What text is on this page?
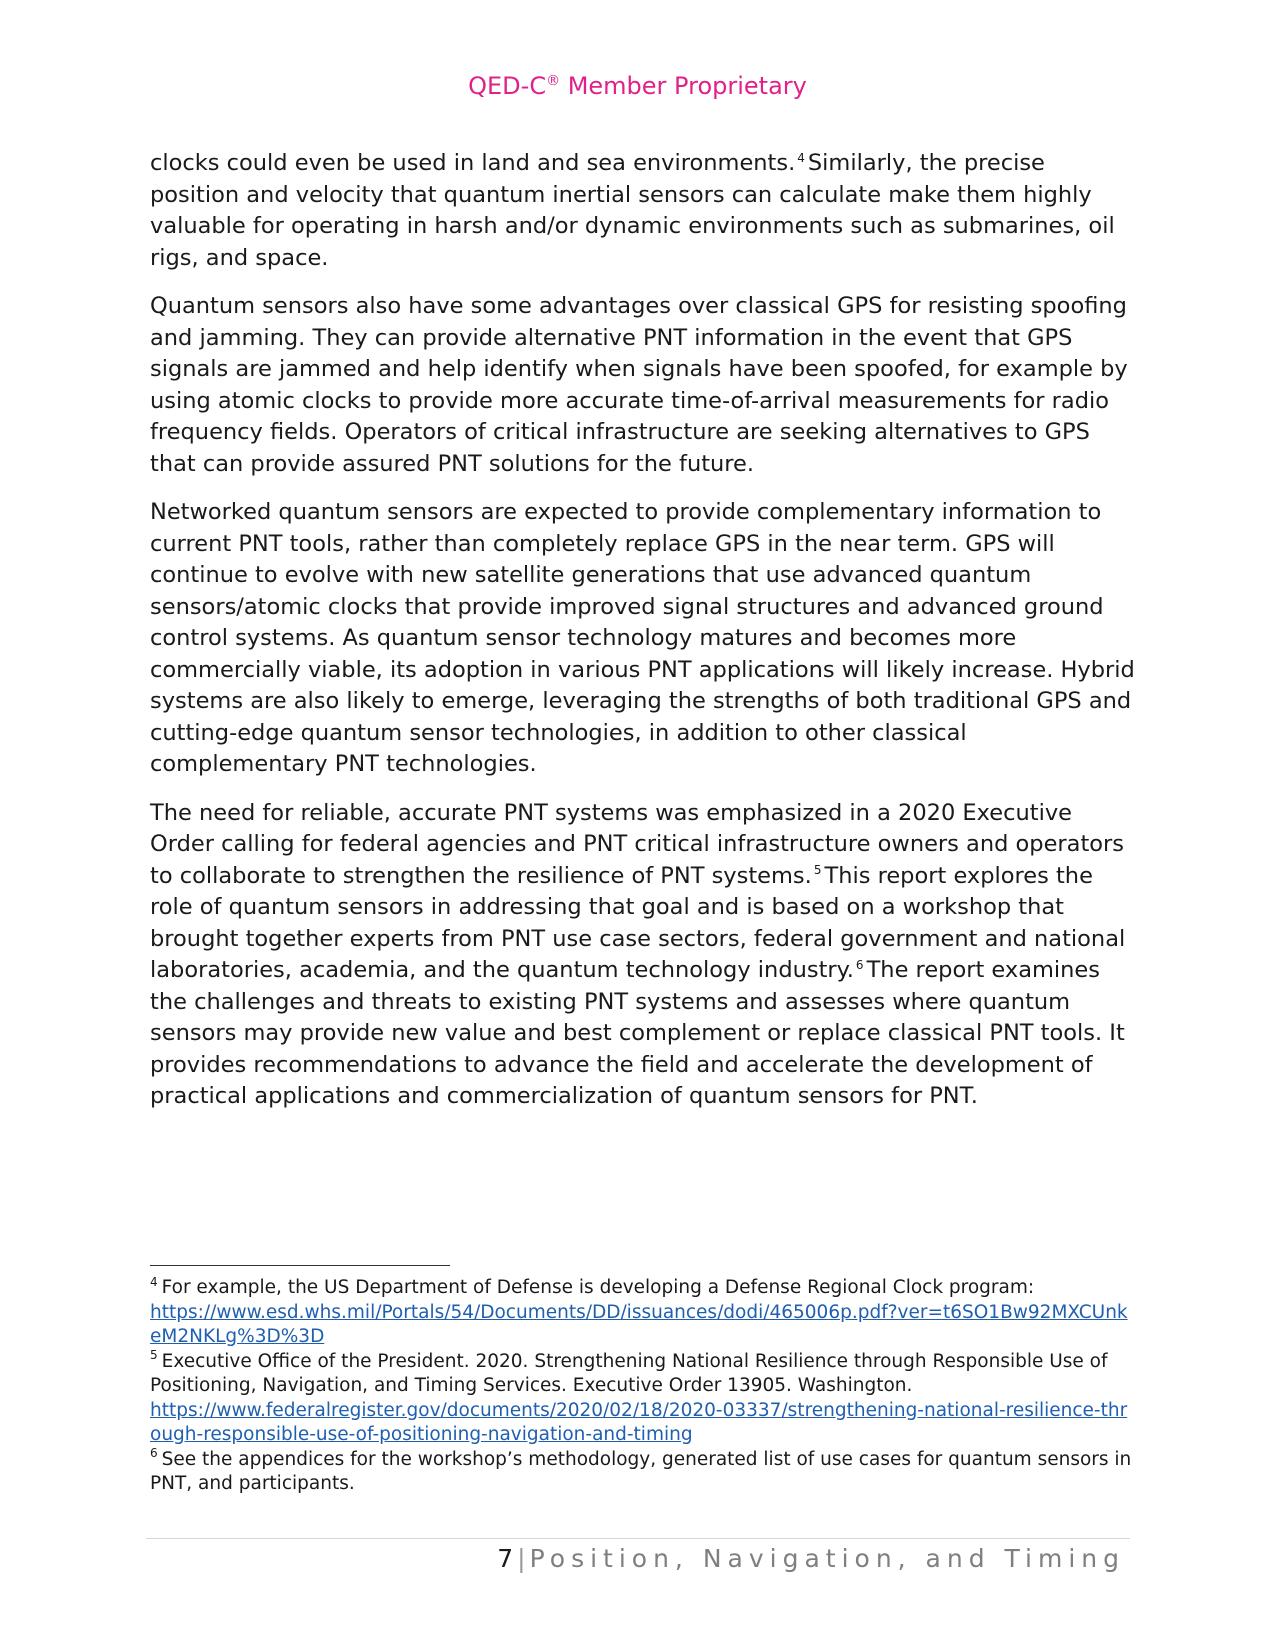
QED-C® Member Proprietary

clocks could even be used in land and sea environments. $^4$ Similarly, the precise position and velocity that quantum inertial sensors can calculate make them highly valuable for operating in harsh and/or dynamic environments such as submarines, oil rigs, and space.

Quantum sensors also have some advantages over classical GPS for resisting spoofing and jamming. They can provide alternative PNT information in the event that GPS signals are jammed and help identify when signals have been spoofed, for example by using atomic clocks to provide more accurate time-of-arrival measurements for radio frequency fields. Operators of critical infrastructure are seeking alternatives to GPS that can provide assured PNT solutions for the future.

Networked quantum sensors are expected to provide complementary information to current PNT tools, rather than completely replace GPS in the near term. GPS will continue to evolve with new satellite generations that use advanced quantum sensors/atomic clocks that provide improved signal structures and advanced ground control systems. As quantum sensor technology matures and becomes more commercially viable, its adoption in various PNT applications will likely increase. Hybrid systems are also likely to emerge, leveraging the strengths of both traditional GPS and cutting-edge quantum sensor technologies, in addition to other classical complementary PNT technologies.

The need for reliable, accurate PNT systems was emphasized in a 2020 Executive Order calling for federal agencies and PNT critical infrastructure owners and operators to collaborate to strengthen the resilience of PNT systems. $^5$ This report explores the role of quantum sensors in addressing that goal and is based on a workshop that brought together experts from PNT use case sectors, federal government and national laboratories, academia, and the quantum technology industry. $^6$ The report examines the challenges and threats to existing PNT systems and assesses where quantum sensors may provide new value and best complement or replace classical PNT tools. It provides recommendations to advance the field and accelerate the development of practical applications and commercialization of quantum sensors for PNT.

$^4$ For example, the US Department of Defense is developing a Defense Regional Clock program:
https://www.esd.whs.mil/Portals/54/Documents/DD/issuances/dodi/465006p.pdf?ver=t6SO1Bw92MXCUnkeM2NKLg%3D%3D
$^5$ Executive Office of the President. 2020. Strengthening National Resilience through Responsible Use of Positioning, Navigation, and Timing Services. Executive Order 13905. Washington.
https://www.federalregister.gov/documents/2020/02/18/2020-03337/strengthening-national-resilience-through-responsible-use-of-positioning-navigation-and-timing
$^6$ See the appendices for the workshop’s methodology, generated list of use cases for quantum sensors in PNT, and participants.
7 | Position, Navigation, and Timing
